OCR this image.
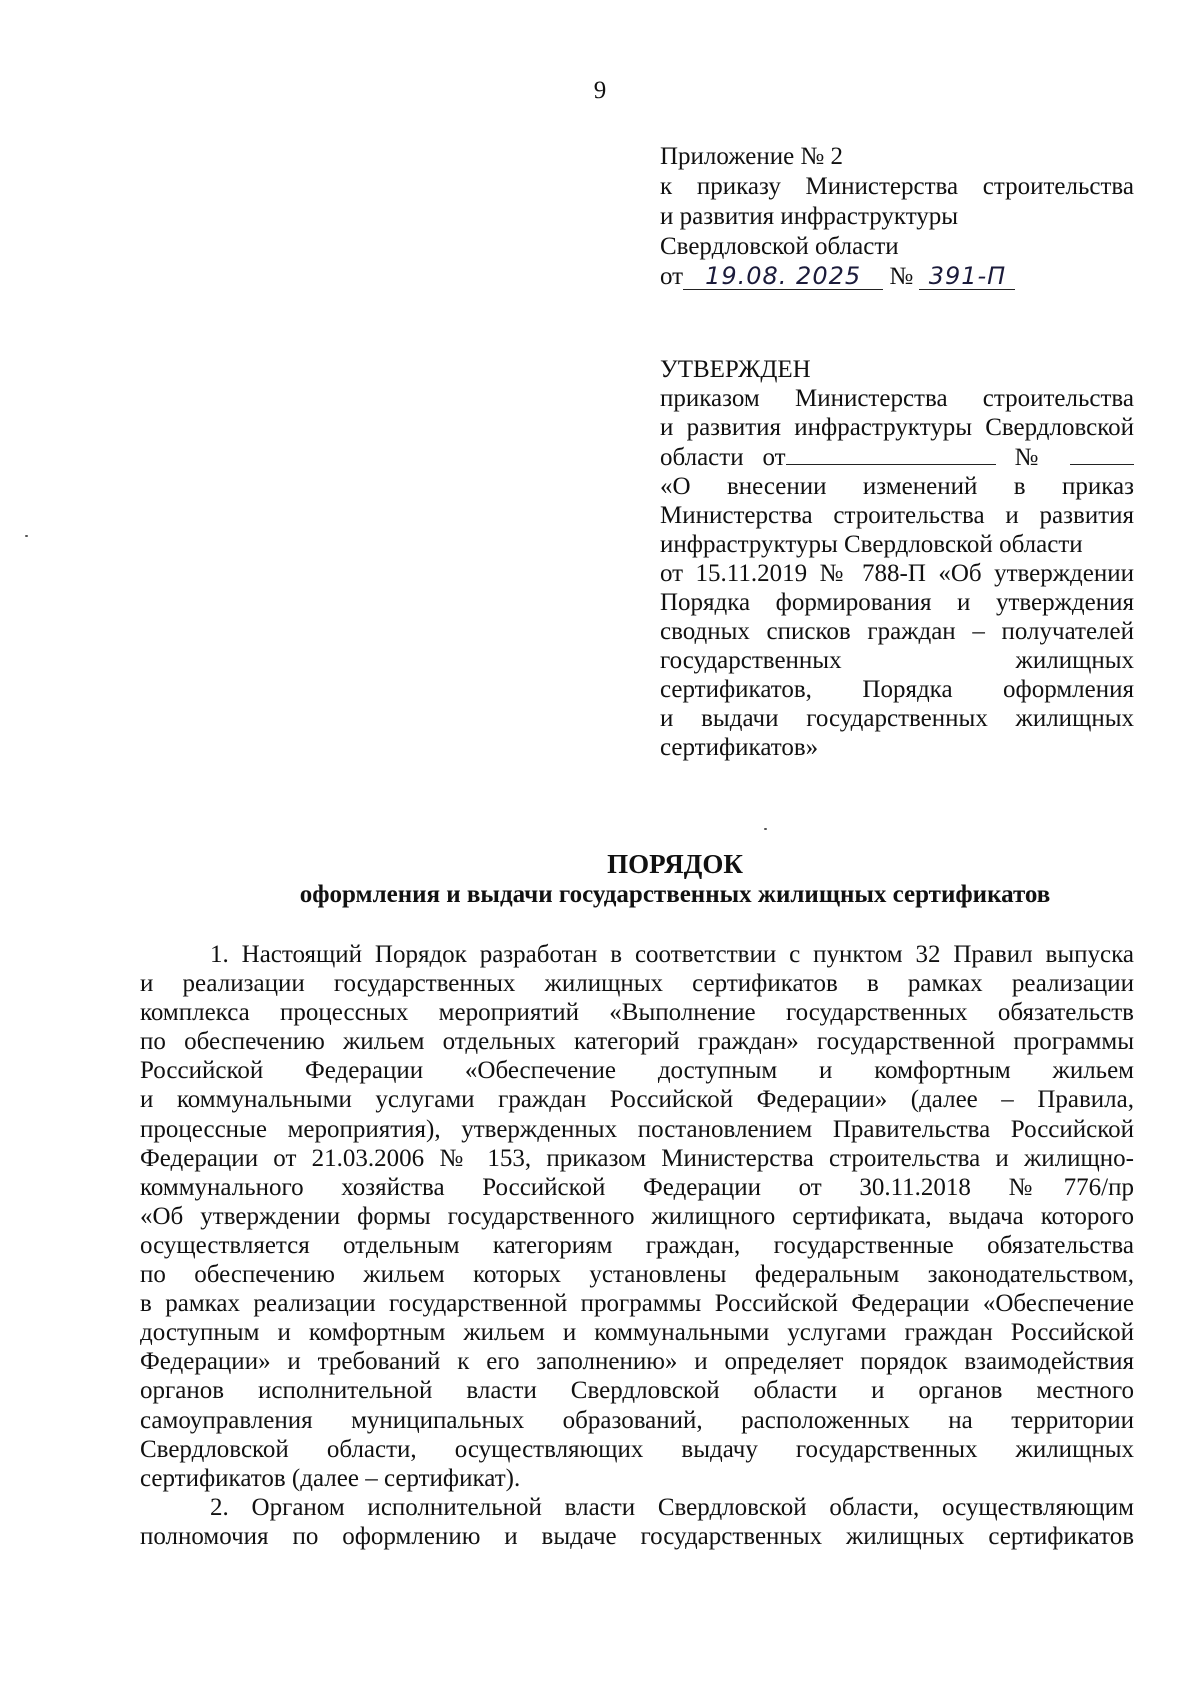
9
Приложение № 2
к приказу Министерства строительства
и развития инфраструктуры
Свердловской области
от 19.08. 2025 № 391-П
УТВЕРЖДЕН
приказом Министерства строительства
и развития инфраструктуры Свердловской
области от	№
«О внесении изменений в приказ
Министерства строительства и развития
инфраструктуры Свердловской области
от 15.11.2019 № 788-П «Об утверждении
Порядка формирования и утверждения
сводных списков граждан – получателей
государственных жилищных
сертификатов, Порядка оформления
и выдачи государственных жилищных
сертификатов»
ПОРЯДОК
оформления и выдачи государственных жилищных сертификатов
1. Настоящий Порядок разработан в соответствии с пунктом 32 Правил выпуска
и реализации государственных жилищных сертификатов в рамках реализации
комплекса процессных мероприятий «Выполнение государственных обязательств
по обеспечению жильем отдельных категорий граждан» государственной программы
Российской Федерации «Обеспечение доступным и комфортным жильем
и коммунальными услугами граждан Российской Федерации» (далее – Правила,
процессные мероприятия), утвержденных постановлением Правительства Российской
Федерации от 21.03.2006 № 153, приказом Министерства строительства и жилищно-
коммунального хозяйства Российской Федерации от 30.11.2018 №776/пр
«Об утверждении формы государственного жилищного сертификата, выдача которого
осуществляется отдельным категориям граждан, государственные обязательства
по обеспечению жильем которых установлены федеральным законодательством,
в рамках реализации государственной программы Российской Федерации «Обеспечение
доступным и комфортным жильем и коммунальными услугами граждан Российской
Федерации» и требований к его заполнению» и определяет порядок взаимодействия
органов исполнительной власти Свердловской области и органов местного
самоуправления муниципальных образований, расположенных на территории
Свердловской области, осуществляющих выдачу государственных жилищных
сертификатов (далее – сертификат).
2. Органом исполнительной власти Свердловской области, осуществляющим
полномочия по оформлению и выдаче государственных жилищных сертификатов
